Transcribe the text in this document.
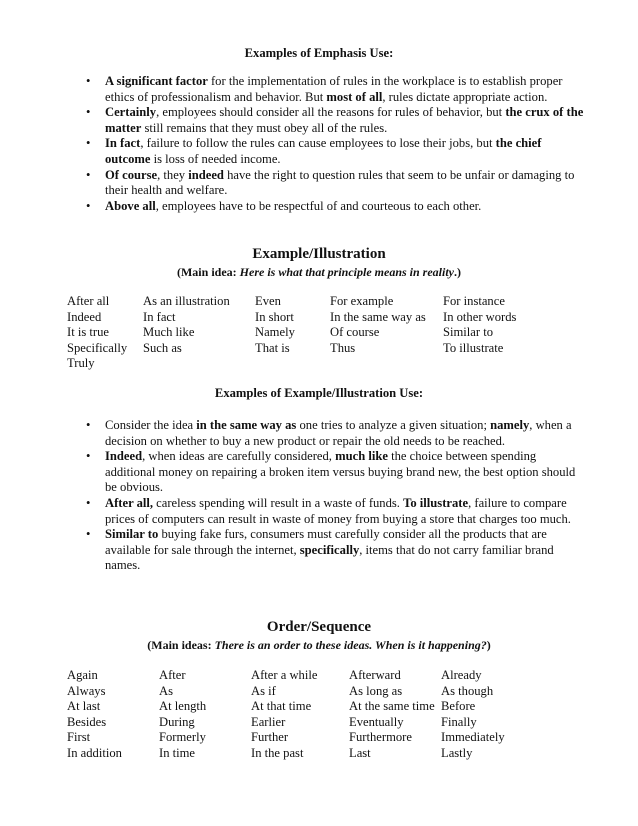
Examples of Emphasis Use:
• A significant factor for the implementation of rules in the workplace is to establish proper ethics of professionalism and behavior. But most of all, rules dictate appropriate action.
• Certainly, employees should consider all the reasons for rules of behavior, but the crux of the matter still remains that they must obey all of the rules.
• In fact, failure to follow the rules can cause employees to lose their jobs, but the chief outcome is loss of needed income.
• Of course, they indeed have the right to question rules that seem to be unfair or damaging to their health and welfare.
• Above all, employees have to be respectful of and courteous to each other.
Example/Illustration
(Main idea: Here is what that principle means in reality.)
After all	As an illustration	Even	For example	For instance
Indeed	In fact	In short	In the same way as	In other words
It is true	Much like	Namely	Of course	Similar to
Specifically	Such as	That is	Thus	To illustrate
Truly				
Examples of Example/Illustration Use:
• Consider the idea in the same way as one tries to analyze a given situation; namely, when a decision on whether to buy a new product or repair the old needs to be reached.
• Indeed, when ideas are carefully considered, much like the choice between spending additional money on repairing a broken item versus buying brand new, the best option should be obvious.
• After all, careless spending will result in a waste of funds. To illustrate, failure to compare prices of computers can result in waste of money from buying a store that charges too much.
• Similar to buying fake furs, consumers must carefully consider all the products that are available for sale through the internet, specifically, items that do not carry familiar brand names.
Order/Sequence
(Main ideas: There is an order to these ideas. When is it happening?)
Again	After	After a while	Afterward	Already
Always	As	As if	As long as	As though
At last	At length	At that time	At the same time	Before
Besides	During	Earlier	Eventually	Finally
First	Formerly	Further	Furthermore	Immediately
In addition	In time	In the past	Last	Lastly
